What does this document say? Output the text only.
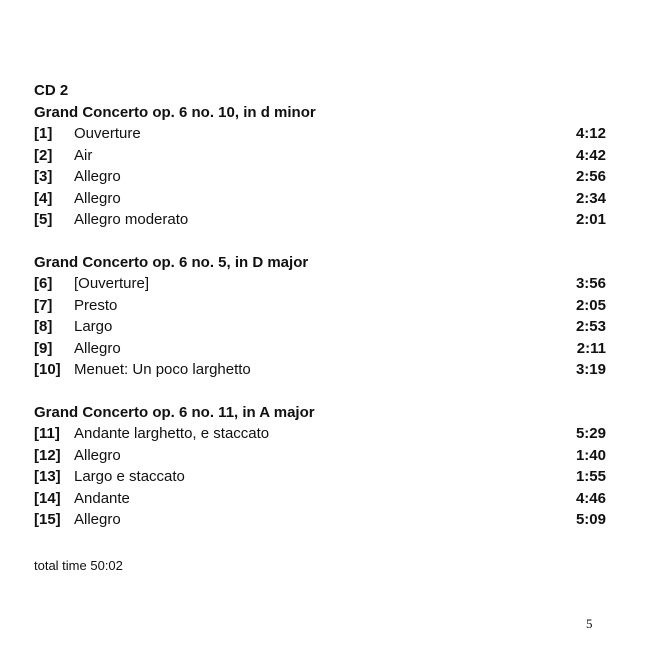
CD 2
Grand Concerto op. 6 no. 10, in d minor
[1]	Ouverture	4:12
[2]	Air	4:42
[3]	Allegro	2:56
[4]	Allegro	2:34
[5]	Allegro moderato	2:01
Grand Concerto op. 6 no. 5, in D major
[6]	[Ouverture]	3:56
[7]	Presto	2:05
[8]	Largo	2:53
[9]	Allegro	2:11
[10] Menuet: Un poco larghetto	3:19
Grand Concerto op. 6 no. 11, in A major
[11] Andante larghetto, e staccato	5:29
[12] Allegro	1:40
[13] Largo e staccato	1:55
[14] Andante	4:46
[15] Allegro	5:09
total time 50:02
5
